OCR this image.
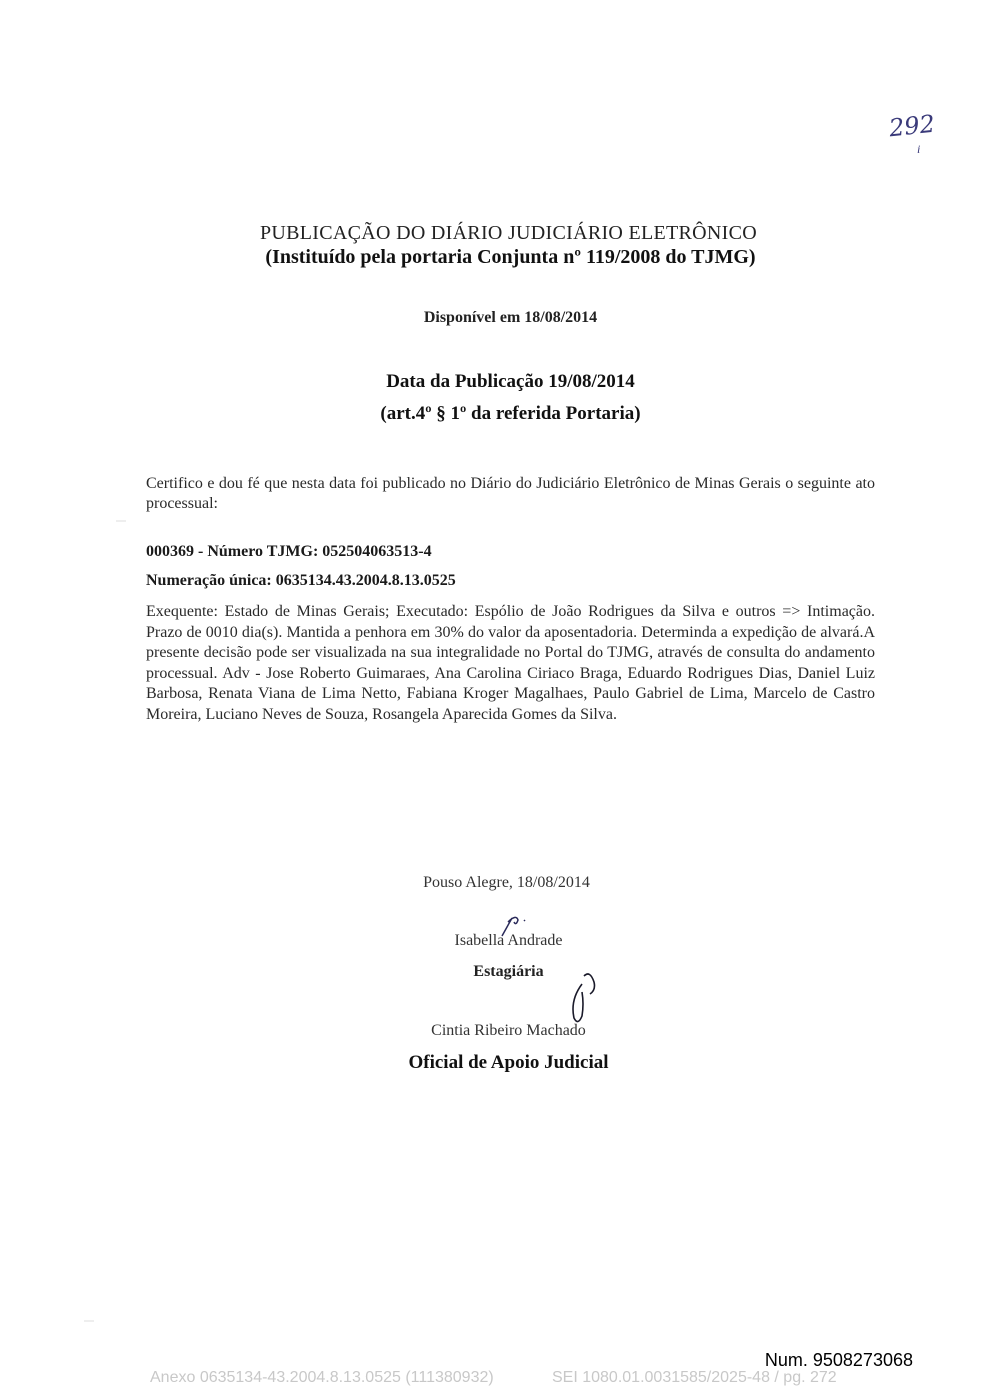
292
i
PUBLICAÇÃO DO DIÁRIO JUDICIÁRIO ELETRÔNICO
(Instituído pela portaria Conjunta nº 119/2008 do TJMG)
Disponível em 18/08/2014
Data da Publicação 19/08/2014
(art.4º § 1º da referida Portaria)
Certifico e dou fé que nesta data foi publicado no Diário do Judiciário Eletrônico de Minas Gerais o seguinte ato processual:
000369 - Número TJMG: 052504063513-4
Numeração única: 0635134.43.2004.8.13.0525
Exequente: Estado de Minas Gerais; Executado: Espólio de João Rodrigues da Silva e outros => Intimação. Prazo de 0010 dia(s). Mantida a penhora em 30% do valor da aposentadoria. Determinda a expedição de alvará.A presente decisão pode ser visualizada na sua integralidade no Portal do TJMG, através de consulta do andamento processual. Adv - Jose Roberto Guimaraes, Ana Carolina Ciriaco Braga, Eduardo Rodrigues Dias, Daniel Luiz Barbosa, Renata Viana de Lima Netto, Fabiana Kroger Magalhaes, Paulo Gabriel de Lima, Marcelo de Castro Moreira, Luciano Neves de Souza, Rosangela Aparecida Gomes da Silva.
Pouso Alegre, 18/08/2014
Isabella Andrade
Estagiária
Cintia Ribeiro Machado
Oficial de Apoio Judicial
Num. 9508273068
Anexo 0635134-43.2004.8.13.0525 (111380932)	SEI 1080.01.0031585/2025-48 / pg. 272
